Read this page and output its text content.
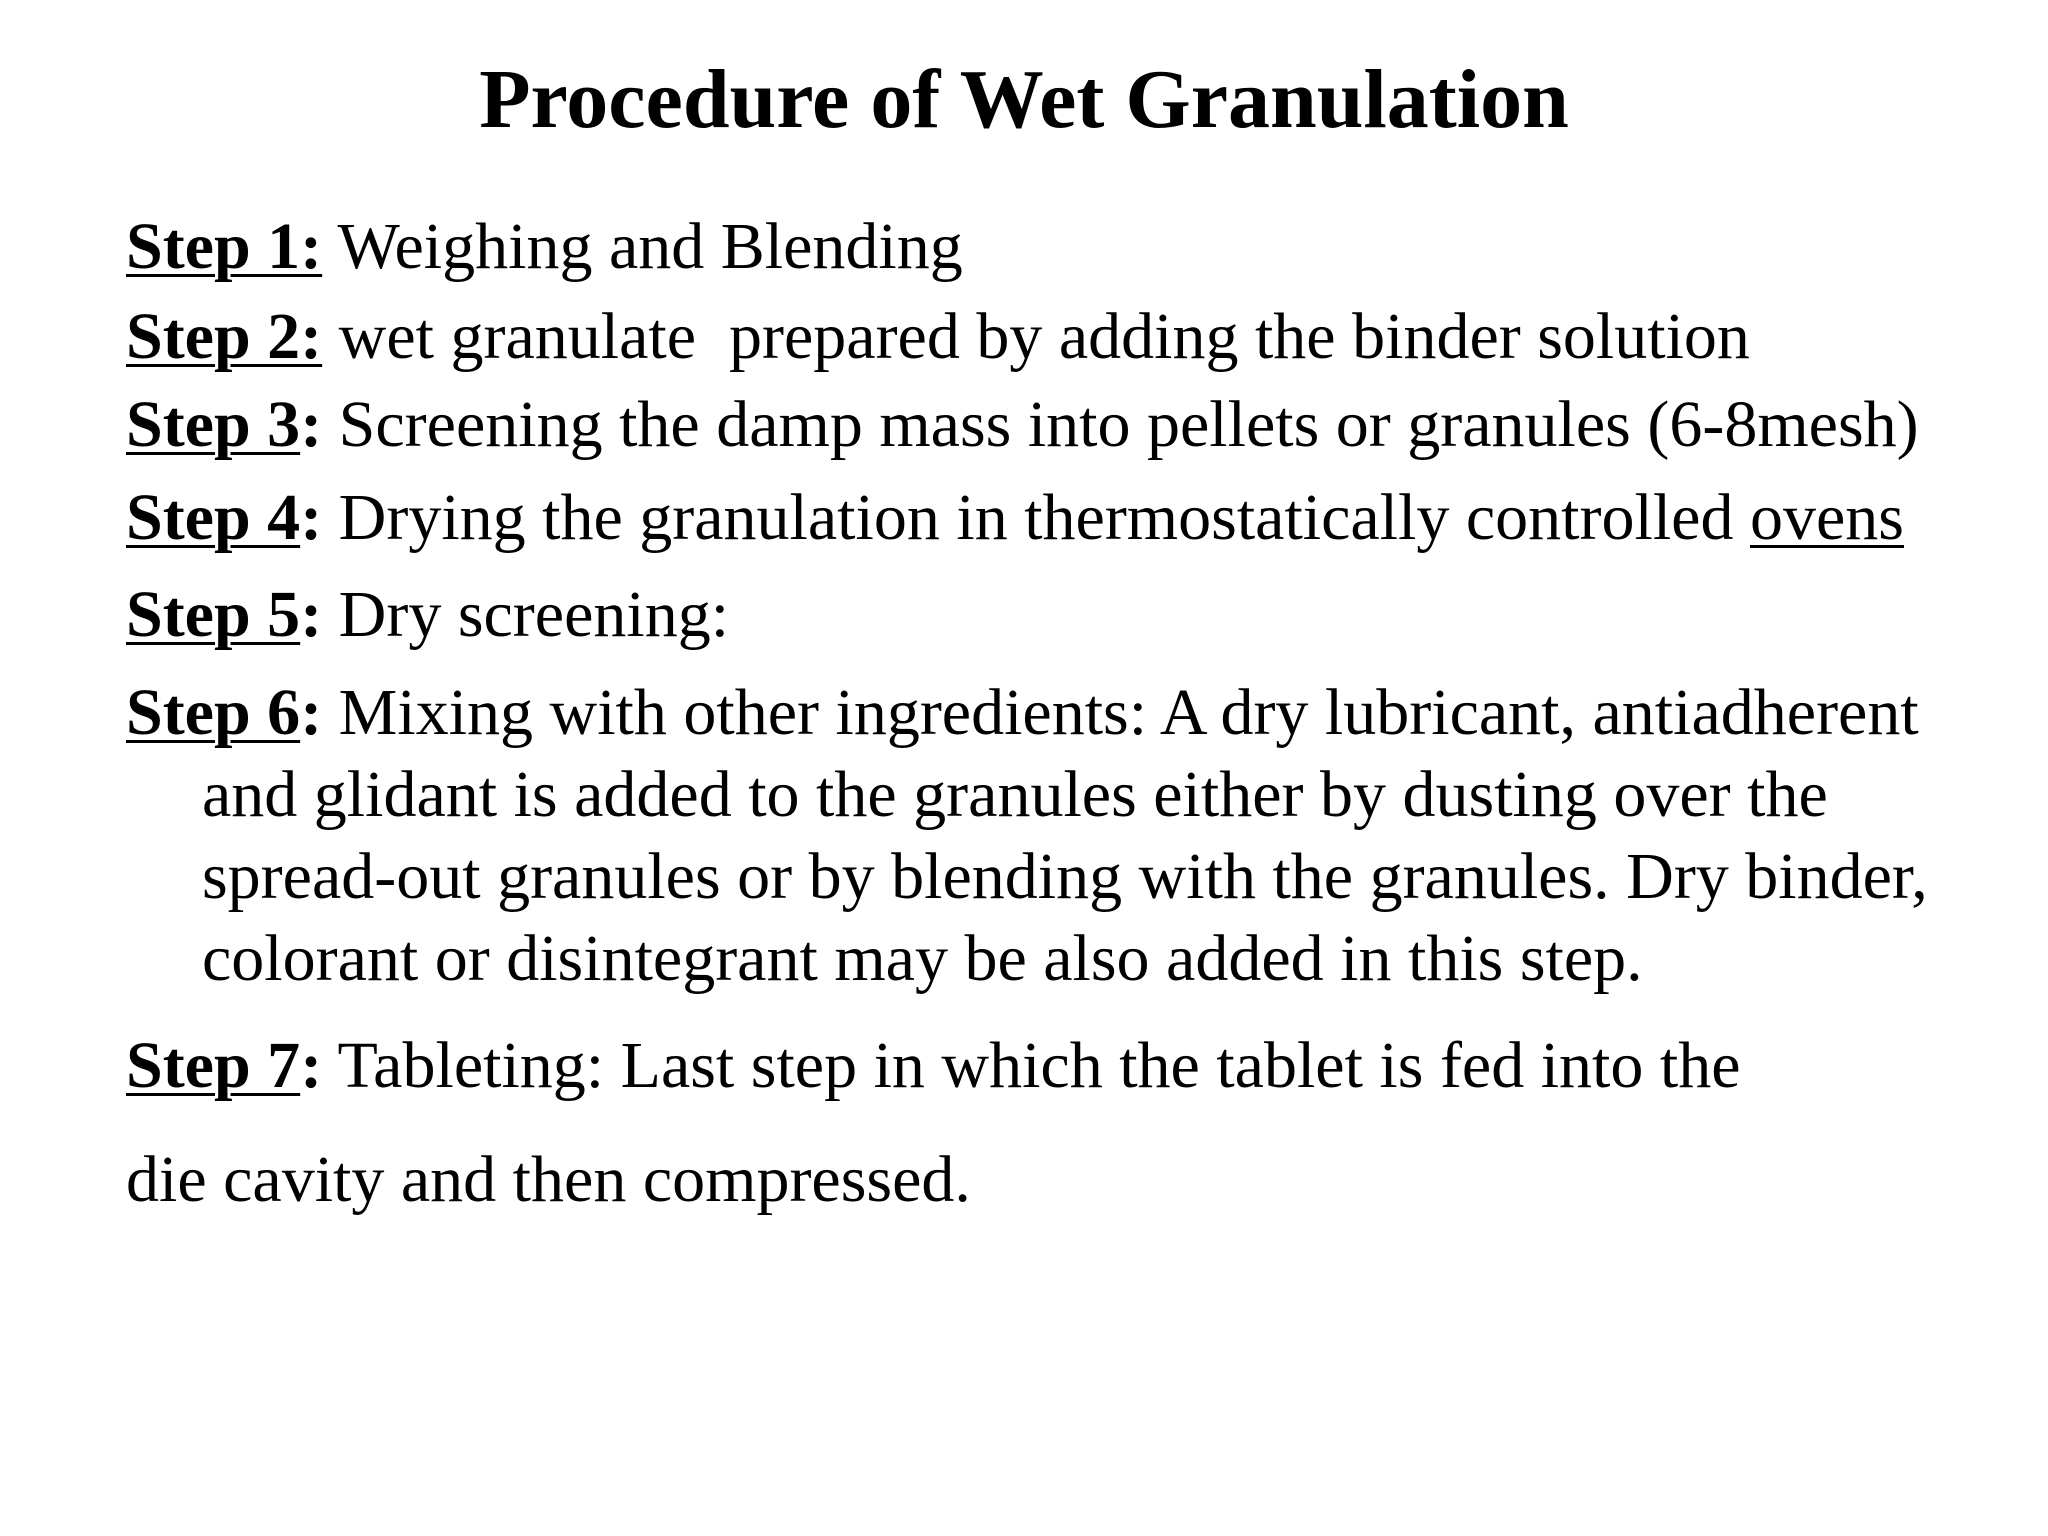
Procedure of Wet Granulation

Step 1: Weighing and Blending

Step 2: wet granulate  prepared by adding the binder solution

Step 3: Screening the damp mass into pellets or granules (6-8mesh)

Step 4: Drying the granulation in thermostatically controlled ovens

Step 5: Dry screening:

Step 6: Mixing with other ingredients: A dry lubricant, antiadherent and glidant is added to the granules either by dusting over the spread-out granules or by blending with the granules. Dry binder, colorant or disintegrant may be also added in this step.

Step 7: Tableting: Last step in which the tablet is fed into the
die cavity and then compressed.
